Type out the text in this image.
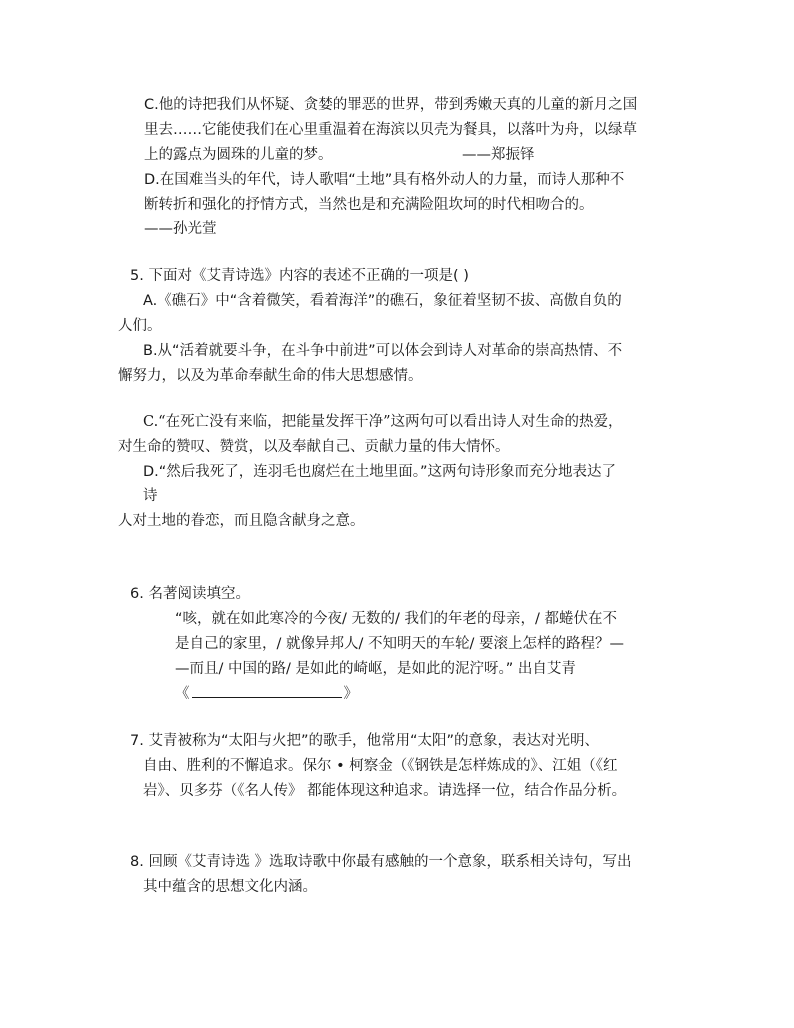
C.他的诗把我们从怀疑、贪婪的罪恶的世界，带到秀嫩天真的儿童的新月之国
里去……它能使我们在心里重温着在海滨以贝壳为餐具，以落叶为舟，以绿草
上的露点为圆珠的儿童的梦。	——郑振铎
D.在国难当头的年代，诗人歌唱“土地”具有格外动人的力量，而诗人那种不
断转折和强化的抒情方式，当然也是和充满险阻坎坷的时代相吻合的。
——孙光萱
5. 下面对《艾青诗选》内容的表述不正确的一项是( )
A.《礁石》中“含着微笑，看着海洋”的礁石，象征着坚韧不拔、高傲自负的
人们。
B.从“活着就要斗争，在斗争中前进”可以体会到诗人对革命的崇高热情、不
懈努力，以及为革命奉献生命的伟大思想感情。
C.“在死亡没有来临，把能量发挥干净”这两句可以看出诗人对生命的热爱，
对生命的赞叹、赞赏，以及奉献自己、贡献力量的伟大情怀。
D.“然后我死了，连羽毛也腐烂在土地里面。”这两句诗形象而充分地表达了
诗
人对土地的眷恋，而且隐含献身之意。
6. 名著阅读填空。
“咳，就在如此寒冷的今夜/ 无数的/ 我们的年老的母亲，/ 都蜷伏在不
是自己的家里，/ 就像异邦人/ 不知明天的车轮/ 要滚上怎样的路程？—
—而且/ 中国的路/ 是如此的崎岖，是如此的泥泞呀。” 出自艾青
《	》
7. 艾青被称为“太阳与火把”的歌手，他常用“太阳”的意象，表达对光明、
自由、胜利的不懈追求。保尔 • 柯察金（《钢铁是怎样炼成的》、江姐（《红
岩》、贝多芬（《名人传》 都能体现这种追求。请选择一位，结合作品分析。
8. 回顾《艾青诗选 》选取诗歌中你最有感触的一个意象，联系相关诗句，写出
其中蕴含的思想文化内涵。
